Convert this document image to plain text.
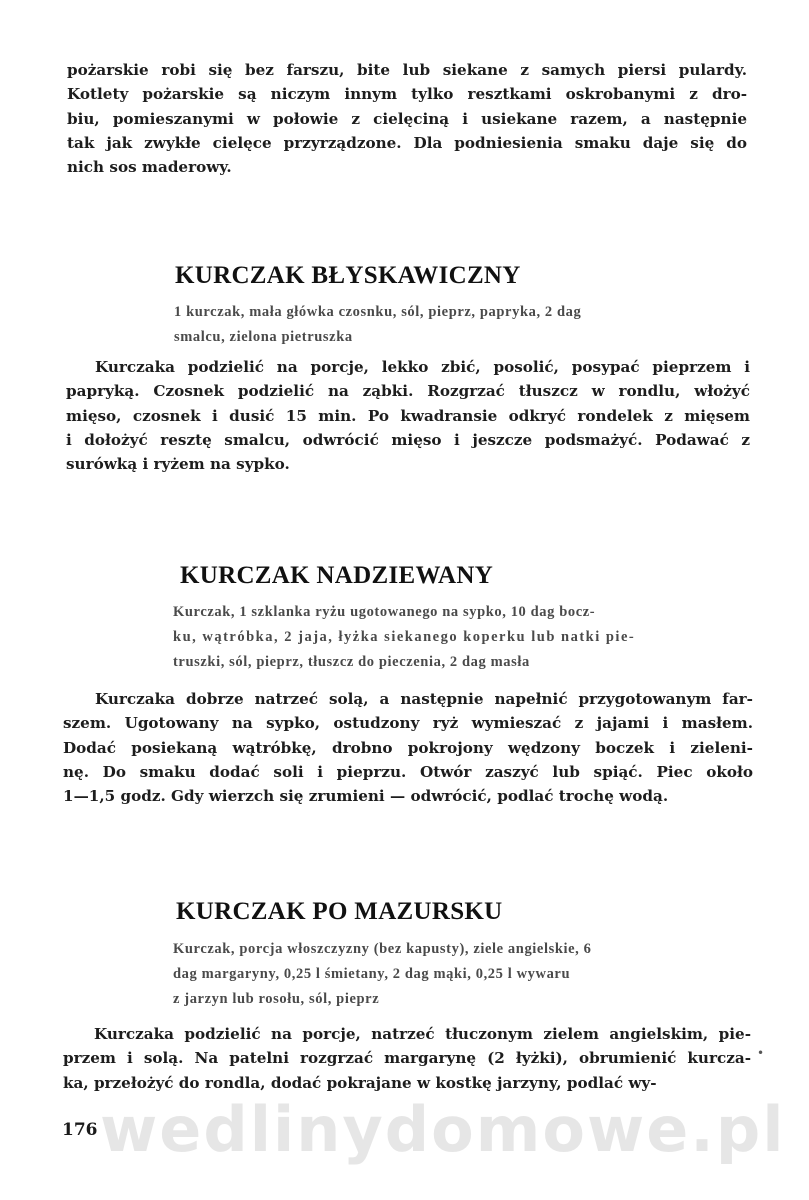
pożarskie robi się bez farszu, bite lub siekane z samych piersi pulardy.
Kotlety pożarskie są niczym innym tylko resztkami oskrobanymi z dro-
biu, pomieszanymi w połowie z cielęciną i usiekane razem, a następnie
tak jak zwykłe cielęce przyrządzone. Dla podniesienia smaku daje się do
nich sos maderowy.
KURCZAK BŁYSKAWICZNY
1 kurczak, mała główka czosnku, sól, pieprz, papryka, 2 dag
smalcu, zielona pietruszka
Kurczaka podzielić na porcje, lekko zbić, posolić, posypać pieprzem i
papryką. Czosnek podzielić na ząbki. Rozgrzać tłuszcz w rondlu, włożyć
mięso, czosnek i dusić 15 min. Po kwadransie odkryć rondelek z mięsem
i dołożyć resztę smalcu, odwrócić mięso i jeszcze podsmażyć. Podawać z
surówką i ryżem na sypko.
KURCZAK NADZIEWANY
Kurczak, 1 szklanka ryżu ugotowanego na sypko, 10 dag bocz-
ku, wątróbka, 2 jaja, łyżka siekanego koperku lub natki pie-
truszki, sól, pieprz, tłuszcz do pieczenia, 2 dag masła
Kurczaka dobrze natrzeć solą, a następnie napełnić przygotowanym far-
szem. Ugotowany na sypko, ostudzony ryż wymieszać z jajami i masłem.
Dodać posiekaną wątróbkę, drobno pokrojony wędzony boczek i zieleni-
nę. Do smaku dodać soli i pieprzu. Otwór zaszyć lub spiąć. Piec około
1—1,5 godz. Gdy wierzch się zrumieni — odwrócić, podlać trochę wodą.
KURCZAK PO MAZURSKU
Kurczak, porcja włoszczyzny (bez kapusty), ziele angielskie, 6
dag margaryny, 0,25 l śmietany, 2 dag mąki, 0,25 l wywaru
z jarzyn lub rosołu, sól, pieprz
Kurczaka podzielić na porcje, natrzeć tłuczonym zielem angielskim, pie-
przem i solą. Na patelni rozgrzać margarynę (2 łyżki), obrumienić kurcza-
ka, przełożyć do rondla, dodać pokrajane w kostkę jarzyny, podlać wy-
•
wedlinydomowe.pl
176
